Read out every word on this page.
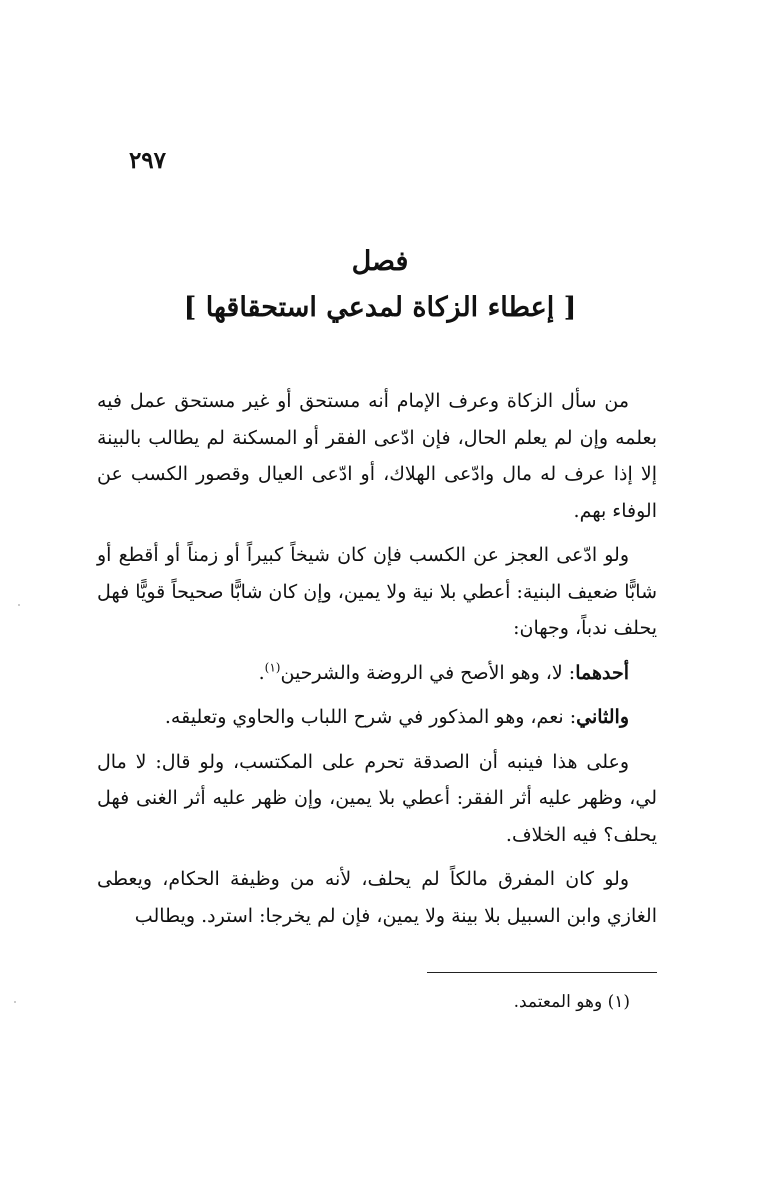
٢٩٧
فصل
[ إعطاء الزكاة لمدعي استحقاقها ]

من سأل الزكاة وعرف الإمام أنه مستحق أو غير مستحق عمل فيه بعلمه وإن لم يعلم الحال، فإن ادّعى الفقر أو المسكنة لم يطالب بالبينة إلا إذا عرف له مال وادّعى الهلاك، أو ادّعى العيال وقصور الكسب عن الوفاء بهم.

ولو ادّعى العجز عن الكسب فإن كان شيخاً كبيراً أو زمناً أو أقطع أو شابًّا ضعيف البنية: أعطي بلا نية ولا يمين، وإن كان شابًّا صحيحاً قويًّا فهل يحلف ندباً، وجهان:

أحدهما: لا، وهو الأصح في الروضة والشرحين$^{(١)}$.

والثاني: نعم، وهو المذكور في شرح اللباب والحاوي وتعليقه.

وعلى هذا فينبه أن الصدقة تحرم على المكتسب، ولو قال: لا مال لي، وظهر عليه أثر الفقر: أعطي بلا يمين، وإن ظهر عليه أثر الغنى فهل يحلف؟ فيه الخلاف.

ولو كان المفرق مالكاً لم يحلف، لأنه من وظيفة الحكام، ويعطى الغازي وابن السبيل بلا بينة ولا يمين، فإن لم يخرجا: استرد. ويطالب

(١) وهو المعتمد.
